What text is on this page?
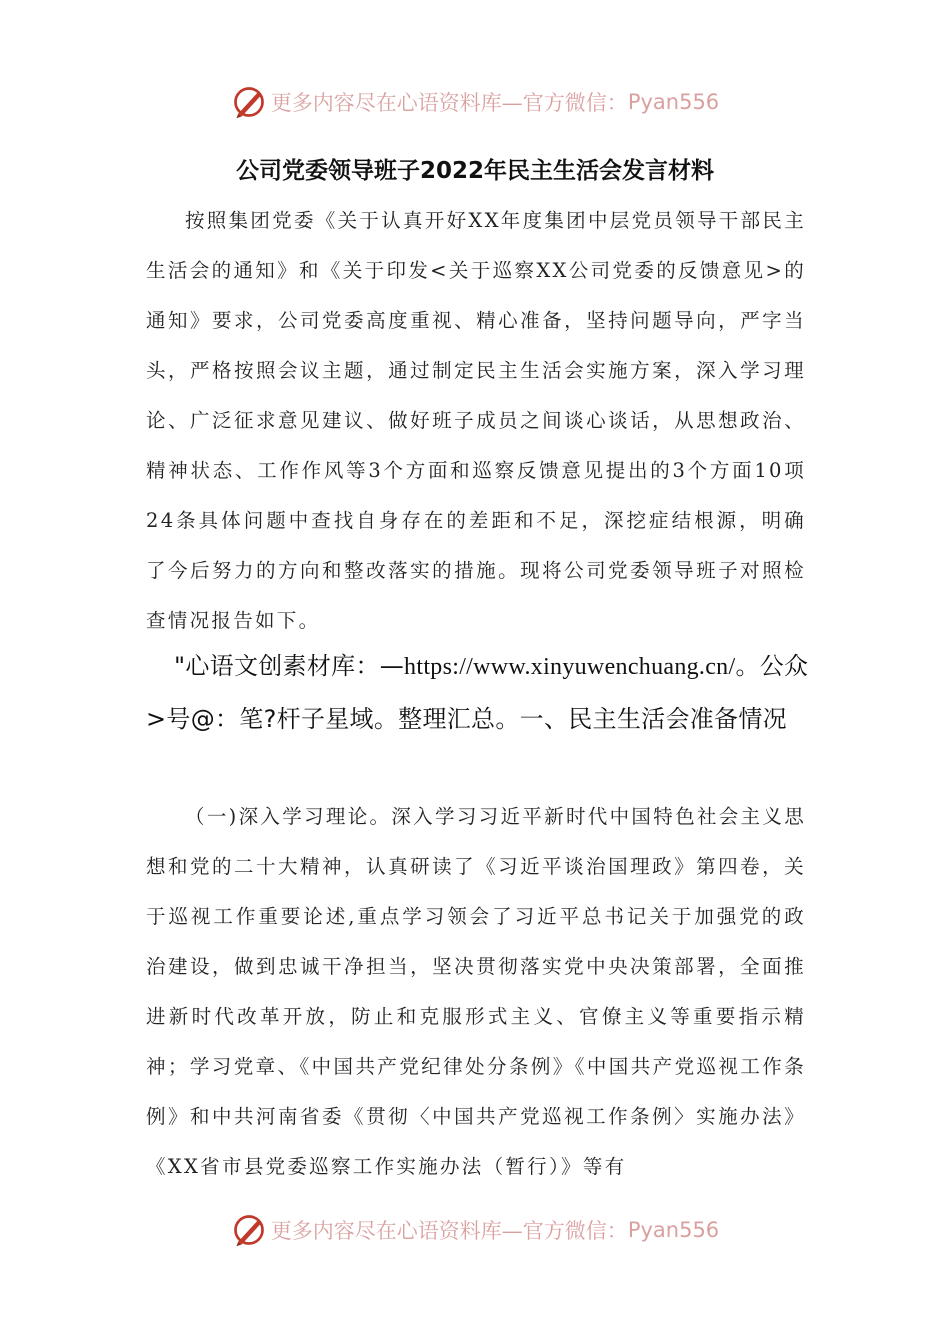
更多内容尽在心语资料库—官方微信： Pyan556
公司党委领导班子2022年民主生活会发言材料

按照集团党委《关于认真开好XX年度集团中层党员领导干部民主生活会的通知》和《关于印发<关于巡察XX公司党委的反馈意见>的通知》要求，公司党委高度重视、精心准备，坚持问题导向，严字当头，严格按照会议主题，通过制定民主生活会实施方案，深入学习理论、广泛征求意见建议、做好班子成员之间谈心谈话，从思想政治、精神状态、工作作风等3个方面和巡察反馈意见提出的3个方面10项24条具体问题中查找自身存在的差距和不足，深挖症结根源，明确了今后努力的方向和整改落实的措施。现将公司党委领导班子对照检查情况报告如下。

"心语文创素材库：—https://www.xinyuwenchuang.cn/。公众>号@：笔?杆子星域。整理汇总。一、民主生活会准备情况

（一)深入学习理论。深入学习习近平新时代中国特色社会主义思想和党的二十大精神，认真研读了《习近平谈治国理政》第四卷，关于巡视工作重要论述,重点学习领会了习近平总书记关于加强党的政治建设，做到忠诚干净担当，坚决贯彻落实党中央决策部署，全面推进新时代改革开放，防止和克服形式主义、官僚主义等重要指示精神；学习党章、《中国共产党纪律处分条例》《中国共产党巡视工作条例》和中共河南省委《贯彻〈中国共产党巡视工作条例〉实施办法》《XX省市县党委巡察工作实施办法（暂行）》等有

更多内容尽在心语资料库—官方微信： Pyan556
